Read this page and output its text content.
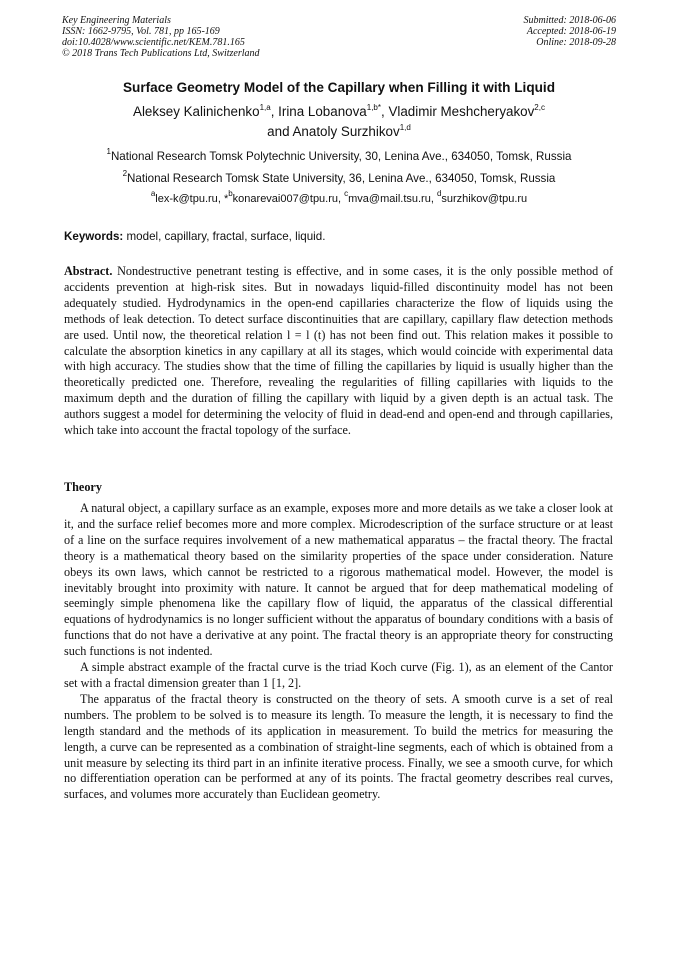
Key Engineering Materials
ISSN: 1662-9795, Vol. 781, pp 165-169
doi:10.4028/www.scientific.net/KEM.781.165
© 2018 Trans Tech Publications Ltd, Switzerland
Submitted: 2018-06-06
Accepted: 2018-06-19
Online: 2018-09-28
Surface Geometry Model of the Capillary when Filling it with Liquid
Aleksey Kalinichenko$^{1,a}$, Irina Lobanova$^{1,b*}$, Vladimir Meshcheryakov$^{2,c}$
and Anatoly Surzhikov$^{1,d}$
$^1$National Research Tomsk Polytechnic University, 30, Lenina Ave., 634050, Tomsk, Russia
$^2$National Research Tomsk State University, 36, Lenina Ave., 634050, Tomsk, Russia
$^a$lex-k@tpu.ru, *$^b$konarevai007@tpu.ru, $^c$mva@mail.tsu.ru, $^d$surzhikov@tpu.ru
Keywords: model, capillary, fractal, surface, liquid.
Abstract. Nondestructive penetrant testing is effective, and in some cases, it is the only possible method of accidents prevention at high-risk sites. But in nowadays liquid-filled discontinuity model has not been adequately studied. Hydrodynamics in the open-end capillaries characterize the flow of liquids using the methods of leak detection. To detect surface discontinuities that are capillary, capillary flaw detection methods are used. Until now, the theoretical relation l = l (t) has not been find out. This relation makes it possible to calculate the absorption kinetics in any capillary at all its stages, which would coincide with experimental data with high accuracy. The studies show that the time of filling the capillaries by liquid is usually higher than the theoretically predicted one. Therefore, revealing the regularities of filling capillaries with liquids to the maximum depth and the duration of filling the capillary with liquid by a given depth is an actual task. The authors suggest a model for determining the velocity of fluid in dead-end and open-end and through capillaries, which take into account the fractal topology of the surface.
Theory

A natural object, a capillary surface as an example, exposes more and more details as we take a closer look at it, and the surface relief becomes more and more complex. Microdescription of the surface structure or at least of a line on the surface requires involvement of a new mathematical apparatus – the fractal theory. The fractal theory is a mathematical theory based on the similarity properties of the space under consideration. Nature obeys its own laws, which cannot be restricted to a rigorous mathematical model. However, the model is inevitably brought into proximity with nature. It cannot be argued that for deep mathematical modeling of seemingly simple phenomena like the capillary flow of liquid, the apparatus of the classical differential equations of hydrodynamics is no longer sufficient without the apparatus of boundary conditions with a basis of functions that do not have a derivative at any point. The fractal theory is an appropriate theory for constructing such functions is not indented.

A simple abstract example of the fractal curve is the triad Koch curve (Fig. 1), as an element of the Cantor set with a fractal dimension greater than 1 [1, 2].

The apparatus of the fractal theory is constructed on the theory of sets. A smooth curve is a set of real numbers. The problem to be solved is to measure its length. To measure the length, it is necessary to find the length standard and the methods of its application in measurement. To build the metrics for measuring the length, a curve can be represented as a combination of straight-line segments, each of which is obtained from a unit measure by selecting its third part in an infinite iterative process. Finally, we see a smooth curve, for which no differentiation operation can be performed at any of its points. The fractal geometry describes real curves, surfaces, and volumes more accurately than Euclidean geometry.
